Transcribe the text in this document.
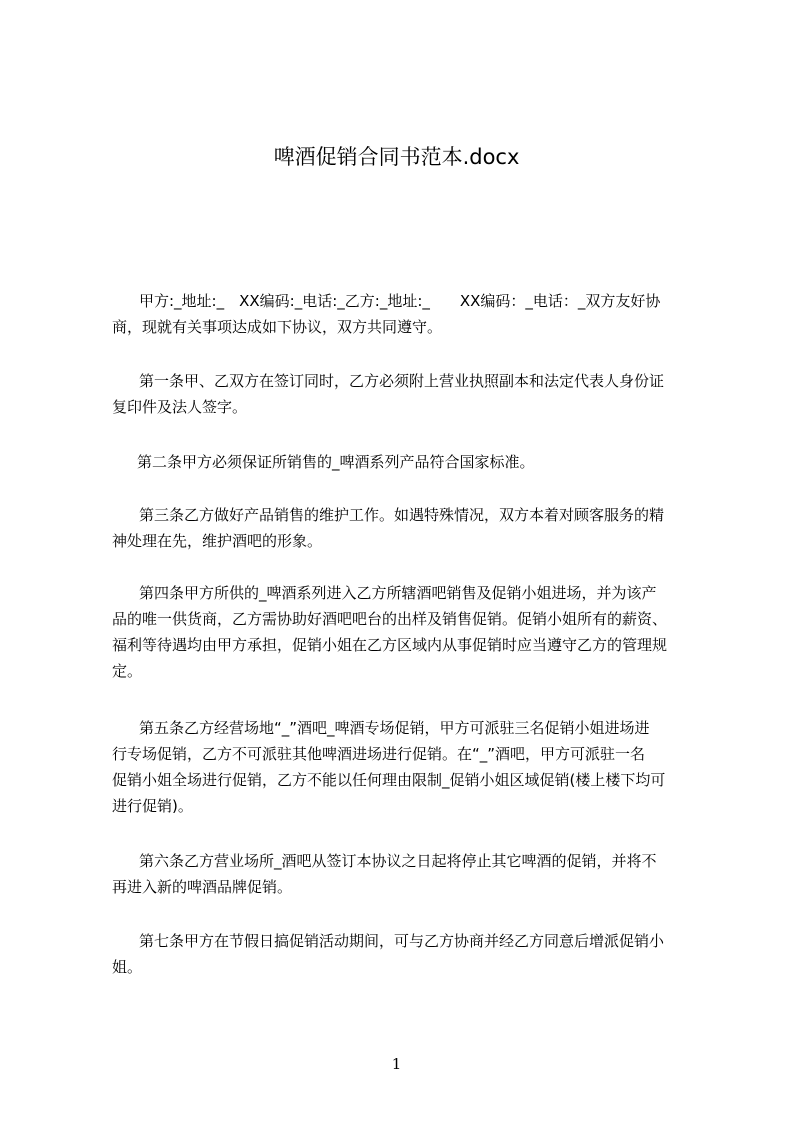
啤酒促销合同书范本.docx
甲方:_地址:_　XX编码:_电话:_乙方:_地址:_　　XX编码：_电话：_双方友好协
商，现就有关事项达成如下协议，双方共同遵守。
第一条甲、乙双方在签订同时，乙方必须附上营业执照副本和法定代表人身份证
复印件及法人签字。
第二条甲方必须保证所销售的_啤酒系列产品符合国家标准。
第三条乙方做好产品销售的维护工作。如遇特殊情况，双方本着对顾客服务的精
神处理在先，维护酒吧的形象。
第四条甲方所供的_啤酒系列进入乙方所辖酒吧销售及促销小姐进场，并为该产
品的唯一供货商，乙方需协助好酒吧吧台的出样及销售促销。促销小姐所有的薪资、
福利等待遇均由甲方承担，促销小姐在乙方区域内从事促销时应当遵守乙方的管理规
定。
第五条乙方经营场地“_”酒吧_啤酒专场促销，甲方可派驻三名促销小姐进场进
行专场促销，乙方不可派驻其他啤酒进场进行促销。在“_”酒吧，甲方可派驻一名
促销小姐全场进行促销，乙方不能以任何理由限制_促销小姐区域促销(楼上楼下均可
进行促销)。
第六条乙方营业场所_酒吧从签订本协议之日起将停止其它啤酒的促销，并将不
再进入新的啤酒品牌促销。
第七条甲方在节假日搞促销活动期间，可与乙方协商并经乙方同意后增派促销小
姐。
1
